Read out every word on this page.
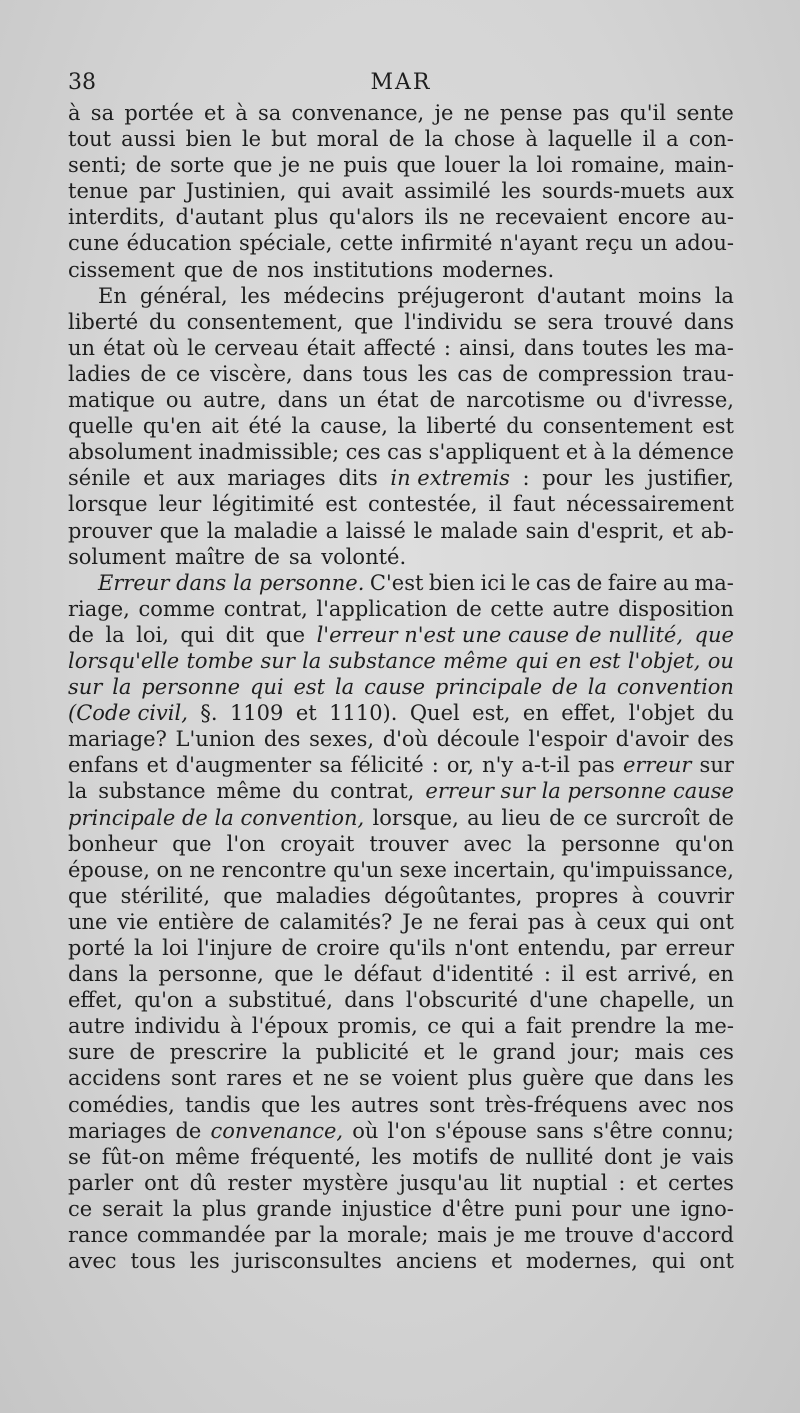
38	MAR
à sa portée et à sa convenance, je ne pense pas qu'il sente
tout aussi bien le but moral de la chose à laquelle il a con-
senti; de sorte que je ne puis que louer la loi romaine, main-
tenue par Justinien, qui avait assimilé les sourds-muets aux
interdits, d'autant plus qu'alors ils ne recevaient encore au-
cune éducation spéciale, cette infirmité n'ayant reçu un adou-
cissement que de nos institutions modernes.
En général, les médecins préjugeront d'autant moins la
liberté du consentement, que l'individu se sera trouvé dans
un état où le cerveau était affecté : ainsi, dans toutes les ma-
ladies de ce viscère, dans tous les cas de compression trau-
matique ou autre, dans un état de narcotisme ou d'ivresse,
quelle qu'en ait été la cause, la liberté du consentement est
absolument inadmissible; ces cas s'appliquent et à la démence
sénile et aux mariages dits in extremis : pour les justifier,
lorsque leur légitimité est contestée, il faut nécessairement
prouver que la maladie a laissé le malade sain d'esprit, et ab-
solument maître de sa volonté.
Erreur dans la personne. C'est bien ici le cas de faire au ma-
riage, comme contrat, l'application de cette autre disposition
de la loi, qui dit que l'erreur n'est une cause de nullité, que
lorsqu'elle tombe sur la substance même qui en est l'objet, ou
sur la personne qui est la cause principale de la convention
(Code civil, §. 1109 et 1110). Quel est, en effet, l'objet du
mariage? L'union des sexes, d'où découle l'espoir d'avoir des
enfans et d'augmenter sa félicité : or, n'y a-t-il pas erreur sur
la substance même du contrat, erreur sur la personne cause
principale de la convention, lorsque, au lieu de ce surcroît de
bonheur que l'on croyait trouver avec la personne qu'on
épouse, on ne rencontre qu'un sexe incertain, qu'impuissance,
que stérilité, que maladies dégoûtantes, propres à couvrir
une vie entière de calamités? Je ne ferai pas à ceux qui ont
porté la loi l'injure de croire qu'ils n'ont entendu, par erreur
dans la personne, que le défaut d'identité : il est arrivé, en
effet, qu'on a substitué, dans l'obscurité d'une chapelle, un
autre individu à l'époux promis, ce qui a fait prendre la me-
sure de prescrire la publicité et le grand jour; mais ces
accidens sont rares et ne se voient plus guère que dans les
comédies, tandis que les autres sont très-fréquens avec nos
mariages de convenance, où l'on s'épouse sans s'être connu;
se fût-on même fréquenté, les motifs de nullité dont je vais
parler ont dû rester mystère jusqu'au lit nuptial : et certes
ce serait la plus grande injustice d'être puni pour une igno-
rance commandée par la morale; mais je me trouve d'accord
avec tous les jurisconsultes anciens et modernes, qui ont
